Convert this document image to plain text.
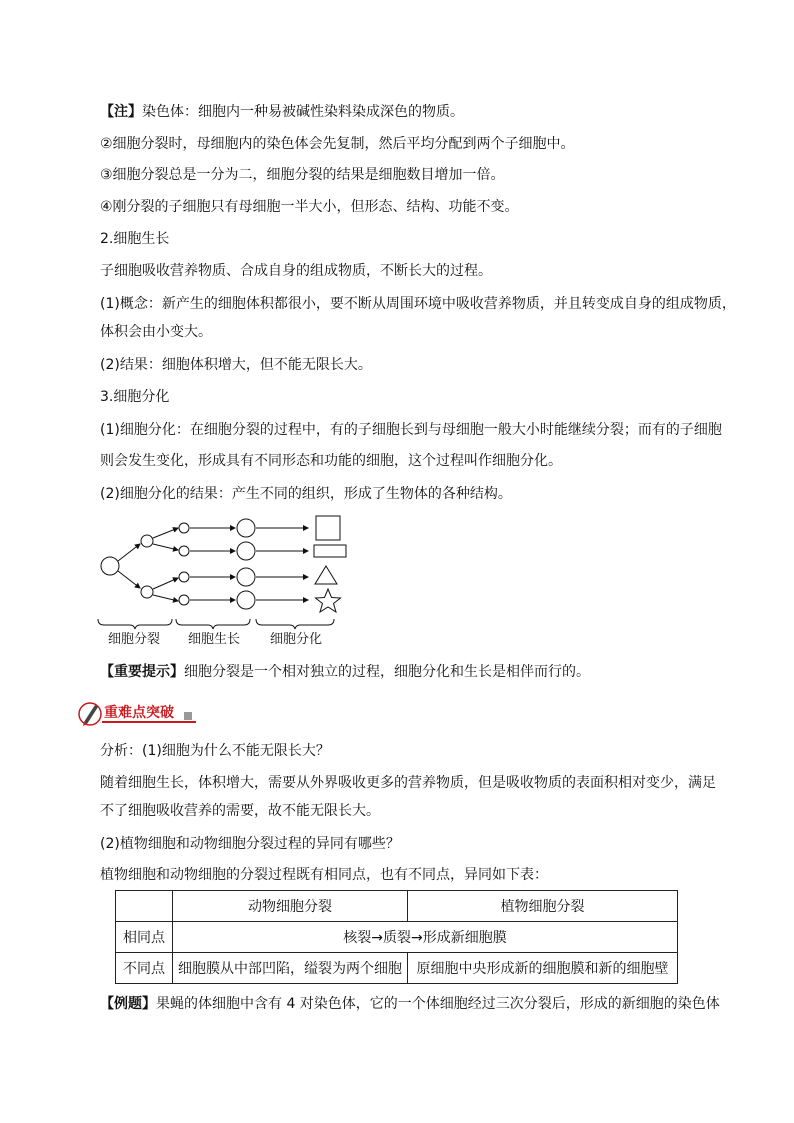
【注】染色体：细胞内一种易被碱性染料染成深色的物质。
②细胞分裂时，母细胞内的染色体会先复制，然后平均分配到两个子细胞中。
③细胞分裂总是一分为二，细胞分裂的结果是细胞数目增加一倍。
④刚分裂的子细胞只有母细胞一半大小，但形态、结构、功能不变。
2.细胞生长
子细胞吸收营养物质、合成自身的组成物质，不断长大的过程。
(1)概念：新产生的细胞体积都很小，要不断从周围环境中吸收营养物质，并且转变成自身的组成物质，
体积会由小变大。
(2)结果：细胞体积增大，但不能无限长大。
3.细胞分化
(1)细胞分化：在细胞分裂的过程中，有的子细胞长到与母细胞一般大小时能继续分裂；而有的子细胞
则会发生变化，形成具有不同形态和功能的细胞，这个过程叫作细胞分化。
(2)细胞分化的结果：产生不同的组织，形成了生物体的各种结构。
细胞分裂 细胞生长 细胞分化
【重要提示】细胞分裂是一个相对独立的过程，细胞分化和生长是相伴而行的。
重难点突破
分析：(1)细胞为什么不能无限长大？
随着细胞生长，体积增大，需要从外界吸收更多的营养物质，但是吸收物质的表面积相对变少，满足
不了细胞吸收营养的需要，故不能无限长大。
(2)植物细胞和动物细胞分裂过程的异同有哪些？
植物细胞和动物细胞的分裂过程既有相同点，也有不同点，异同如下表：
	动物细胞分裂	植物细胞分裂
相同点	核裂→质裂→形成新细胞膜	
不同点	细胞膜从中部凹陷，缢裂为两个细胞	原细胞中央形成新的细胞膜和新的细胞壁
【例题】果蝇的体细胞中含有 4 对染色体，它的一个体细胞经过三次分裂后，形成的新细胞的染色体
